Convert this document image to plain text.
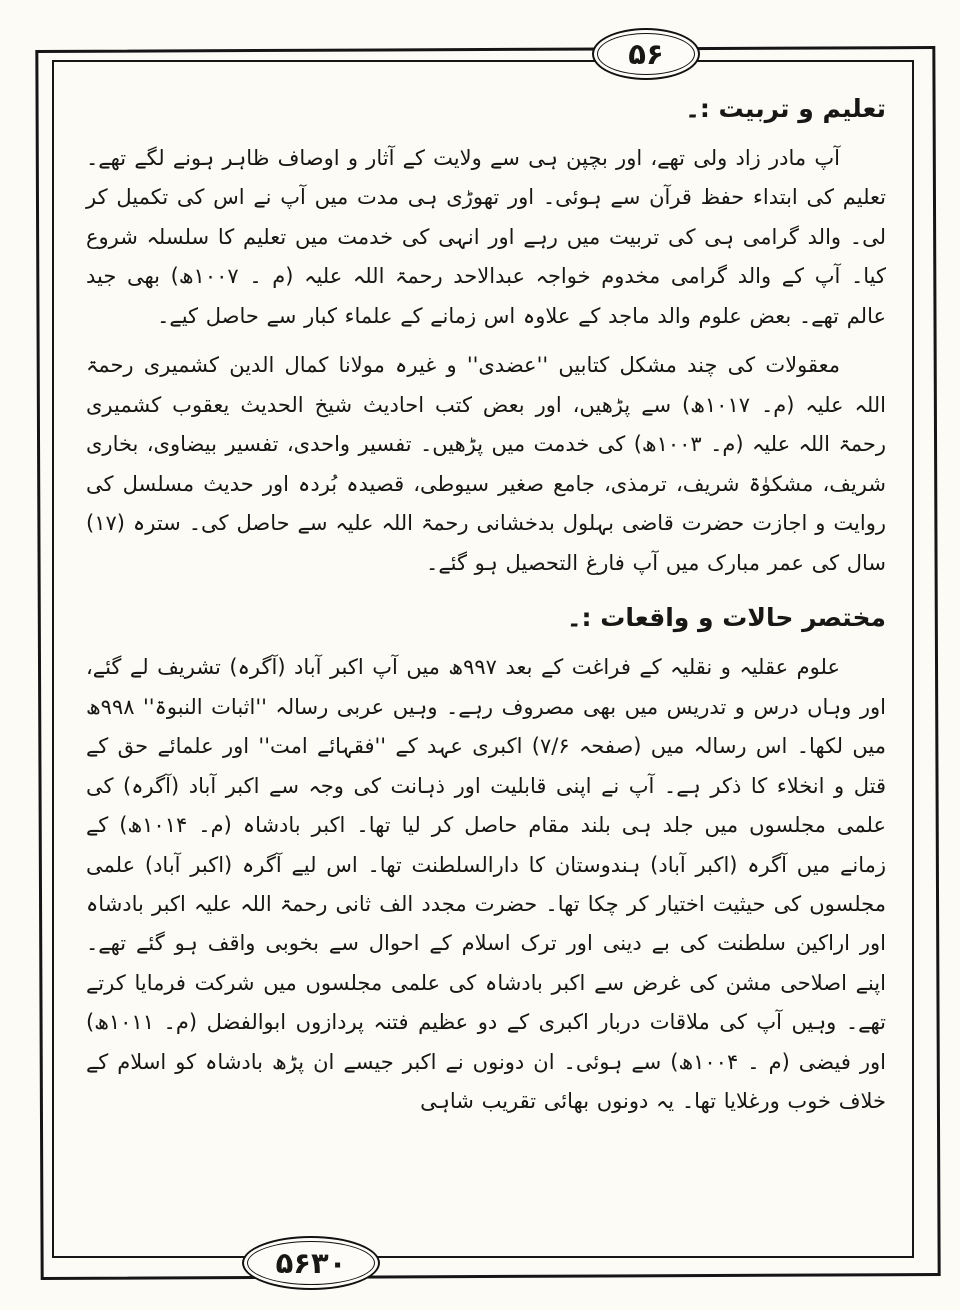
۵۶
تعلیم و تربیت :۔

آپ مادر زاد ولی تھے، اور بچپن ہی سے ولایت کے آثار و اوصاف ظاہر ہونے لگے تھے۔ تعلیم کی ابتداء حفظ قرآن سے ہوئی۔ اور تھوڑی ہی مدت میں آپ نے اس کی تکمیل کر لی۔ والد گرامی ہی کی تربیت میں رہے اور انہی کی خدمت میں تعلیم کا سلسلہ شروع کیا۔ آپ کے والد گرامی مخدوم خواجہ عبدالاحد رحمۃ اللہ علیہ (م ۔ ۱۰۰۷ھ) بھی جید عالم تھے۔ بعض علوم والد ماجد کے علاوہ اس زمانے کے علماء کبار سے حاصل کیے۔

معقولات کی چند مشکل کتابیں ''عضدی'' و غیرہ مولانا کمال الدین کشمیری رحمۃ اللہ علیہ (م۔ ۱۰۱۷ھ) سے پڑھیں، اور بعض کتب احادیث شیخ الحدیث یعقوب کشمیری رحمۃ اللہ علیہ (م۔ ۱۰۰۳ھ) کی خدمت میں پڑھیں۔ تفسیر واحدی، تفسیر بیضاوی، بخاری شریف، مشکوٰۃ شریف، ترمذی، جامع صغیر سیوطی، قصیدہ بُردہ اور حدیث مسلسل کی روایت و اجازت حضرت قاضی بہلول بدخشانی رحمۃ اللہ علیہ سے حاصل کی۔ سترہ (۱۷) سال کی عمر مبارک میں آپ فارغ التحصیل ہو گئے۔

مختصر حالات و واقعات :۔

علوم عقلیہ و نقلیہ کے فراغت کے بعد ۹۹۷ھ میں آپ اکبر آباد (آگرہ) تشریف لے گئے، اور وہاں درس و تدریس میں بھی مصروف رہے۔ وہیں عربی رسالہ ''اثبات النبوۃ'' ۹۹۸ھ میں لکھا۔ اس رسالہ میں (صفحہ ۷/۶) اکبری عہد کے ''فقہائے امت'' اور علمائے حق کے قتل و انخلاء کا ذکر ہے۔ آپ نے اپنی قابلیت اور ذہانت کی وجہ سے اکبر آباد (آگرہ) کی علمی مجلسوں میں جلد ہی بلند مقام حاصل کر لیا تھا۔ اکبر بادشاہ (م۔ ۱۰۱۴ھ) کے زمانے میں آگرہ (اکبر آباد) ہندوستان کا دارالسلطنت تھا۔ اس لیے آگرہ (اکبر آباد) علمی مجلسوں کی حیثیت اختیار کر چکا تھا۔ حضرت مجدد الف ثانی رحمۃ اللہ علیہ اکبر بادشاہ اور اراکین سلطنت کی بے دینی اور ترک اسلام کے احوال سے بخوبی واقف ہو گئے تھے۔ اپنے اصلاحی مشن کی غرض سے اکبر بادشاہ کی علمی مجلسوں میں شرکت فرمایا کرتے تھے۔ وہیں آپ کی ملاقات دربار اکبری کے دو عظیم فتنہ پردازوں ابوالفضل (م۔ ۱۰۱۱ھ) اور فیضی (م ۔ ۱۰۰۴ھ) سے ہوئی۔ ان دونوں نے اکبر جیسے ان پڑھ بادشاہ کو اسلام کے خلاف خوب ورغلایا تھا۔ یہ دونوں بھائی تقریب شاہی

۵۶۳۰
